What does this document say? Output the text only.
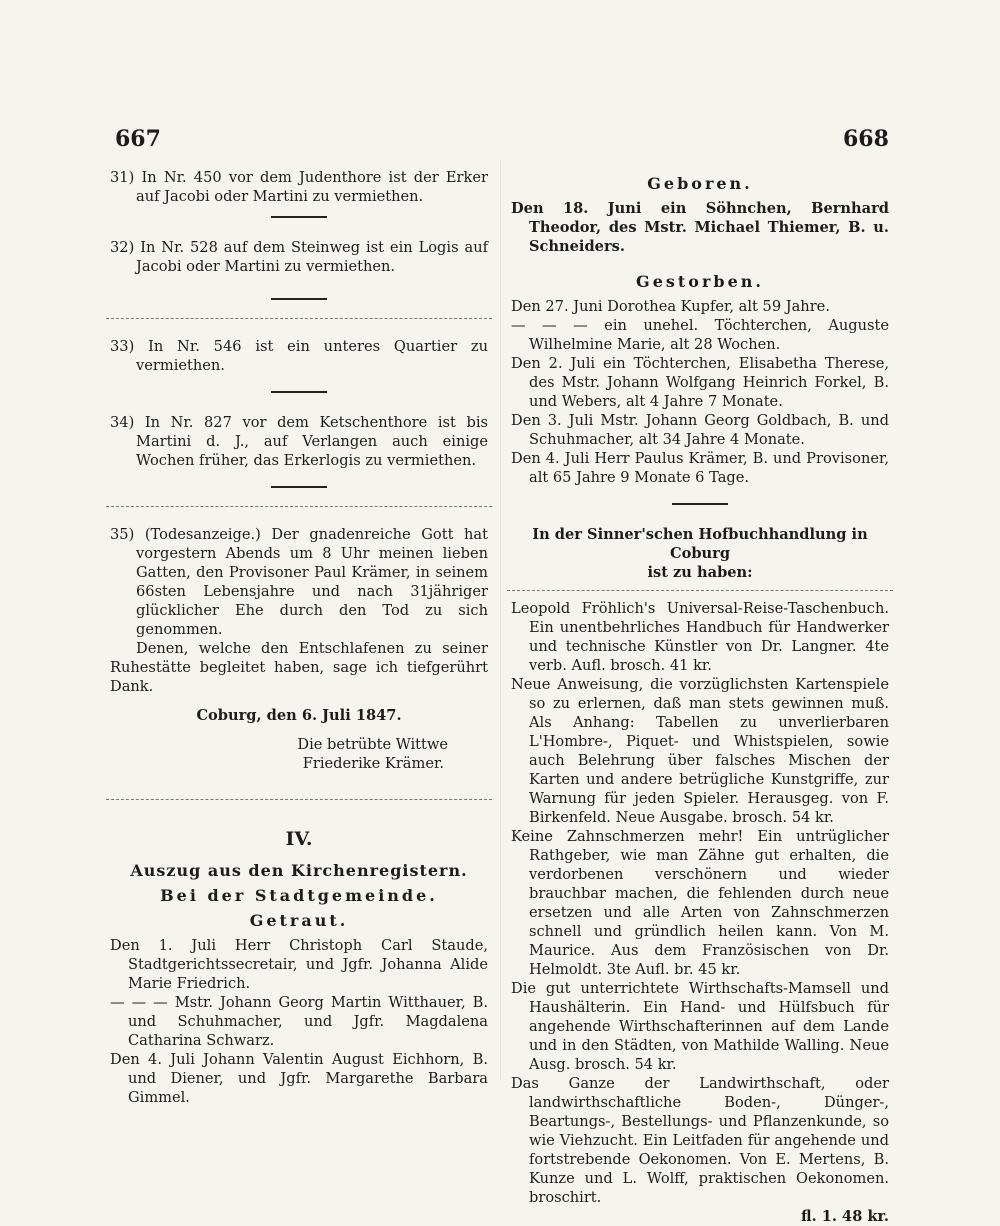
667	668

31) In Nr. 450 vor dem Judenthore ist der Erker auf Jacobi oder Martini zu vermiethen.

32) In Nr. 528 auf dem Steinweg ist ein Logis auf Jacobi oder Martini zu vermiethen.

33) In Nr. 546 ist ein unteres Quartier zu vermiethen.

34) In Nr. 827 vor dem Ketschenthore ist bis Martini d. J., auf Verlangen auch einige Wochen früher, das Erkerlogis zu vermiethen.

35) (Todesanzeige.) Der gnadenreiche Gott hat vorgestern Abends um 8 Uhr meinen lieben Gatten, den Provisoner Paul Krämer, in seinem 66sten Lebensjahre und nach 31jähriger glücklicher Ehe durch den Tod zu sich genommen.

Denen, welche den Entschlafenen zu seiner Ruhestätte begleitet haben, sage ich tiefgerührt Dank.

Coburg, den 6. Juli 1847.

Die betrübte Wittwe

Friederike Krämer.

IV.
Auszug aus den Kirchenregistern.
Bei der Stadtgemeinde.
Getraut.

Den 1. Juli Herr Christoph Carl Staude, Stadtgerichtssecretair, und Jgfr. Johanna Alide Marie Friedrich.

— — — Mstr. Johann Georg Martin Witthauer, B. und Schuhmacher, und Jgfr. Magdalena Catharina Schwarz.

Den 4. Juli Johann Valentin August Eichhorn, B. und Diener, und Jgfr. Margarethe Barbara Gimmel.

Geboren.

Den 18. Juni ein Söhnchen, Bernhard Theodor, des Mstr. Michael Thiemer, B. u. Schneiders.

Gestorben.

Den 27. Juni Dorothea Kupfer, alt 59 Jahre.

— — — ein unehel. Töchterchen, Auguste Wilhelmine Marie, alt 28 Wochen.

Den 2. Juli ein Töchterchen, Elisabetha Therese, des Mstr. Johann Wolfgang Heinrich Forkel, B. und Webers, alt 4 Jahre 7 Monate.

Den 3. Juli Mstr. Johann Georg Goldbach, B. und Schuhmacher, alt 34 Jahre 4 Monate.

Den 4. Juli Herr Paulus Krämer, B. und Provisoner, alt 65 Jahre 9 Monate 6 Tage.

In der Sinner'schen Hofbuchhandlung in Coburg

ist zu haben:

Leopold Fröhlich's Universal-Reise-Taschenbuch. Ein unentbehrliches Handbuch für Handwerker und technische Künstler von Dr. Langner. 4te verb. Aufl. brosch. 41 kr.

Neue Anweisung, die vorzüglichsten Kartenspiele so zu erlernen, daß man stets gewinnen muß. Als Anhang: Tabellen zu unverlierbaren L'Hombre-, Piquet- und Whistspielen, sowie auch Belehrung über falsches Mischen der Karten und andere betrügliche Kunstgriffe, zur Warnung für jeden Spieler. Herausgeg. von F. Birkenfeld. Neue Ausgabe. brosch. 54 kr.

Keine Zahnschmerzen mehr! Ein untrüglicher Rathgeber, wie man Zähne gut erhalten, die verdorbenen verschönern und wieder brauchbar machen, die fehlenden durch neue ersetzen und alle Arten von Zahnschmerzen schnell und gründlich heilen kann. Von M. Maurice. Aus dem Französischen von Dr. Helmoldt. 3te Aufl. br. 45 kr.

Die gut unterrichtete Wirthschafts-Mamsell und Haushälterin. Ein Hand- und Hülfsbuch für angehende Wirthschafterinnen auf dem Lande und in den Städten, von Mathilde Walling. Neue Ausg. brosch. 54 kr.

Das Ganze der Landwirthschaft, oder landwirthschaftliche Boden-, Dünger-, Beartungs-, Bestellungs- und Pflanzenkunde, so wie Viehzucht. Ein Leitfaden für angehende und fortstrebende Oekonomen. Von E. Mertens, B. Kunze und L. Wolff, praktischen Oekonomen. broschirt.

fl. 1. 48 kr.
